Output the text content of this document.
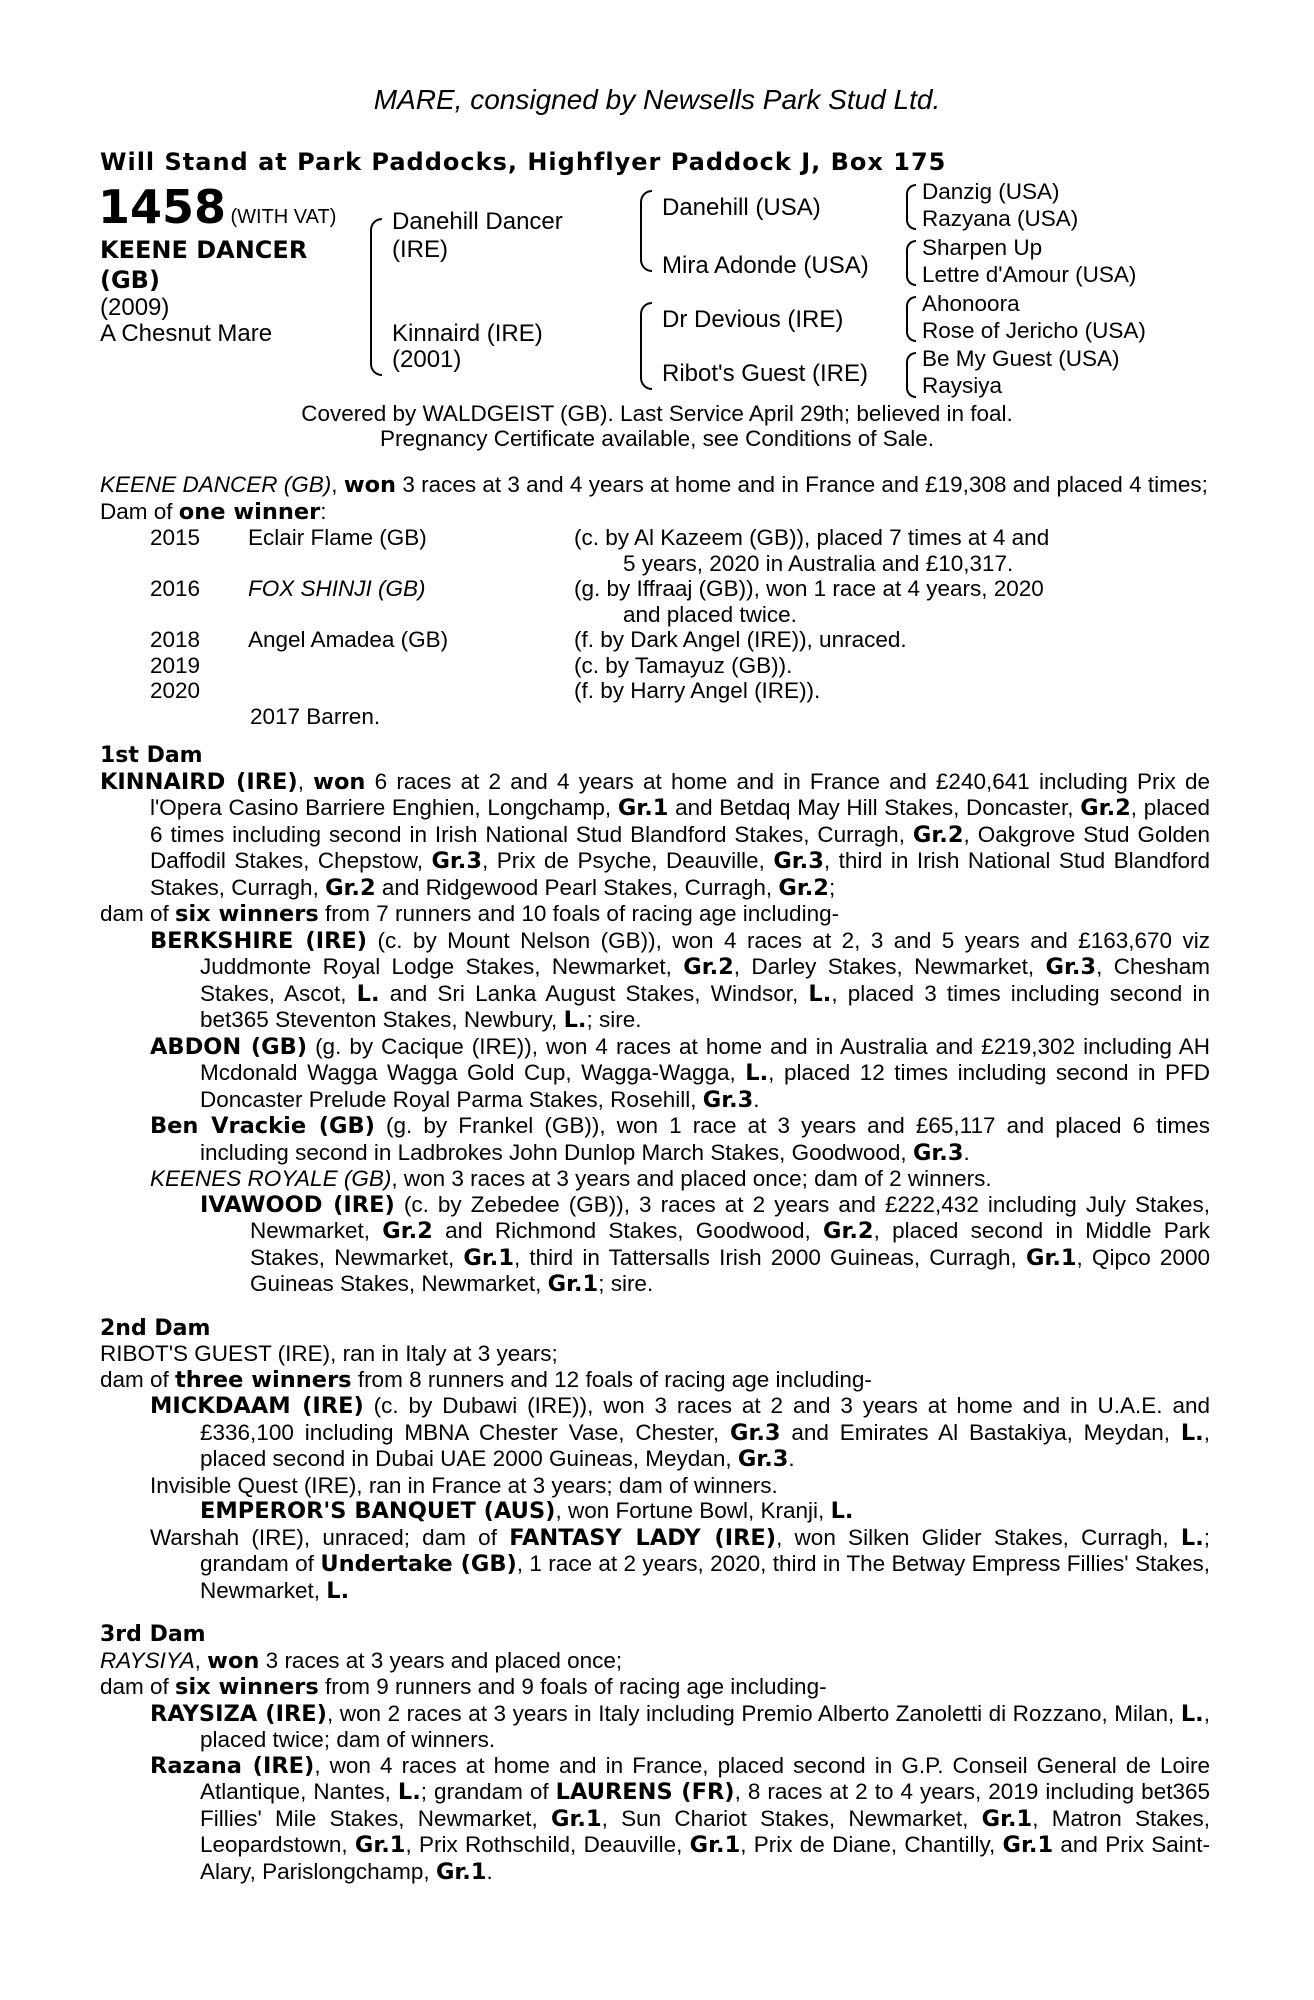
MARE, consigned by Newsells Park Stud Ltd.
Will Stand at Park Paddocks, Highflyer Paddock J, Box 175
1458 (WITH VAT)
KEENE DANCER
(GB)
(2009)
A Chesnut Mare
Danehill Dancer
(IRE)
Kinnaird (IRE)
(2001)
Danehill (USA)
Mira Adonde (USA)
Dr Devious (IRE)
Ribot's Guest (IRE)
Danzig (USA)
Razyana (USA)
Sharpen Up
Lettre d'Amour (USA)
Ahonoora
Rose of Jericho (USA)
Be My Guest (USA)
Raysiya
Covered by WALDGEIST (GB). Last Service April 29th; believed in foal.
Pregnancy Certificate available, see Conditions of Sale.

KEENE DANCER (GB), won 3 races at 3 and 4 years at home and in France and £19,308 and placed 4 times;

Dam of one winner:

2015 Eclair Flame (GB)	(c. by Al Kazeem (GB)), placed 7 times at 4 and
5 years, 2020 in Australia and £10,317.
2016 FOX SHINJI (GB)	(g. by Iffraaj (GB)), won 1 race at 4 years, 2020
and placed twice.
2018 Angel Amadea (GB)	(f. by Dark Angel (IRE)), unraced.
2019	(c. by Tamayuz (GB)).
2020	(f. by Harry Angel (IRE)).

2017 Barren.

1st Dam

KINNAIRD (IRE), won 6 races at 2 and 4 years at home and in France and £240,641 including Prix de l'Opera Casino Barriere Enghien, Longchamp, Gr.1 and Betdaq May Hill Stakes, Doncaster, Gr.2, placed 6 times including second in Irish National Stud Blandford Stakes, Curragh, Gr.2, Oakgrove Stud Golden Daffodil Stakes, Chepstow, Gr.3, Prix de Psyche, Deauville, Gr.3, third in Irish National Stud Blandford Stakes, Curragh, Gr.2 and Ridgewood Pearl Stakes, Curragh, Gr.2;

dam of six winners from 7 runners and 10 foals of racing age including-

BERKSHIRE (IRE) (c. by Mount Nelson (GB)), won 4 races at 2, 3 and 5 years and £163,670 viz Juddmonte Royal Lodge Stakes, Newmarket, Gr.2, Darley Stakes, Newmarket, Gr.3, Chesham Stakes, Ascot, L. and Sri Lanka August Stakes, Windsor, L., placed 3 times including second in bet365 Steventon Stakes, Newbury, L.; sire.

ABDON (GB) (g. by Cacique (IRE)), won 4 races at home and in Australia and £219,302 including AH Mcdonald Wagga Wagga Gold Cup, Wagga-Wagga, L., placed 12 times including second in PFD Doncaster Prelude Royal Parma Stakes, Rosehill, Gr.3.

Ben Vrackie (GB) (g. by Frankel (GB)), won 1 race at 3 years and £65,117 and placed 6 times including second in Ladbrokes John Dunlop March Stakes, Goodwood, Gr.3.

KEENES ROYALE (GB), won 3 races at 3 years and placed once; dam of 2 winners.

IVAWOOD (IRE) (c. by Zebedee (GB)), 3 races at 2 years and £222,432 including July Stakes, Newmarket, Gr.2 and Richmond Stakes, Goodwood, Gr.2, placed second in Middle Park Stakes, Newmarket, Gr.1, third in Tattersalls Irish 2000 Guineas, Curragh, Gr.1, Qipco 2000 Guineas Stakes, Newmarket, Gr.1; sire.

2nd Dam

RIBOT'S GUEST (IRE), ran in Italy at 3 years;

dam of three winners from 8 runners and 12 foals of racing age including-

MICKDAAM (IRE) (c. by Dubawi (IRE)), won 3 races at 2 and 3 years at home and in U.A.E. and £336,100 including MBNA Chester Vase, Chester, Gr.3 and Emirates Al Bastakiya, Meydan, L., placed second in Dubai UAE 2000 Guineas, Meydan, Gr.3.

Invisible Quest (IRE), ran in France at 3 years; dam of winners.

EMPEROR'S BANQUET (AUS), won Fortune Bowl, Kranji, L.

Warshah (IRE), unraced; dam of FANTASY LADY (IRE), won Silken Glider Stakes, Curragh, L.; grandam of Undertake (GB), 1 race at 2 years, 2020, third in The Betway Empress Fillies' Stakes, Newmarket, L.

3rd Dam

RAYSIYA, won 3 races at 3 years and placed once;

dam of six winners from 9 runners and 9 foals of racing age including-

RAYSIZA (IRE), won 2 races at 3 years in Italy including Premio Alberto Zanoletti di Rozzano, Milan, L., placed twice; dam of winners.

Razana (IRE), won 4 races at home and in France, placed second in G.P. Conseil General de Loire Atlantique, Nantes, L.; grandam of LAURENS (FR), 8 races at 2 to 4 years, 2019 including bet365 Fillies' Mile Stakes, Newmarket, Gr.1, Sun Chariot Stakes, Newmarket, Gr.1, Matron Stakes, Leopardstown, Gr.1, Prix Rothschild, Deauville, Gr.1, Prix de Diane, Chantilly, Gr.1 and Prix Saint-Alary, Parislongchamp, Gr.1.
